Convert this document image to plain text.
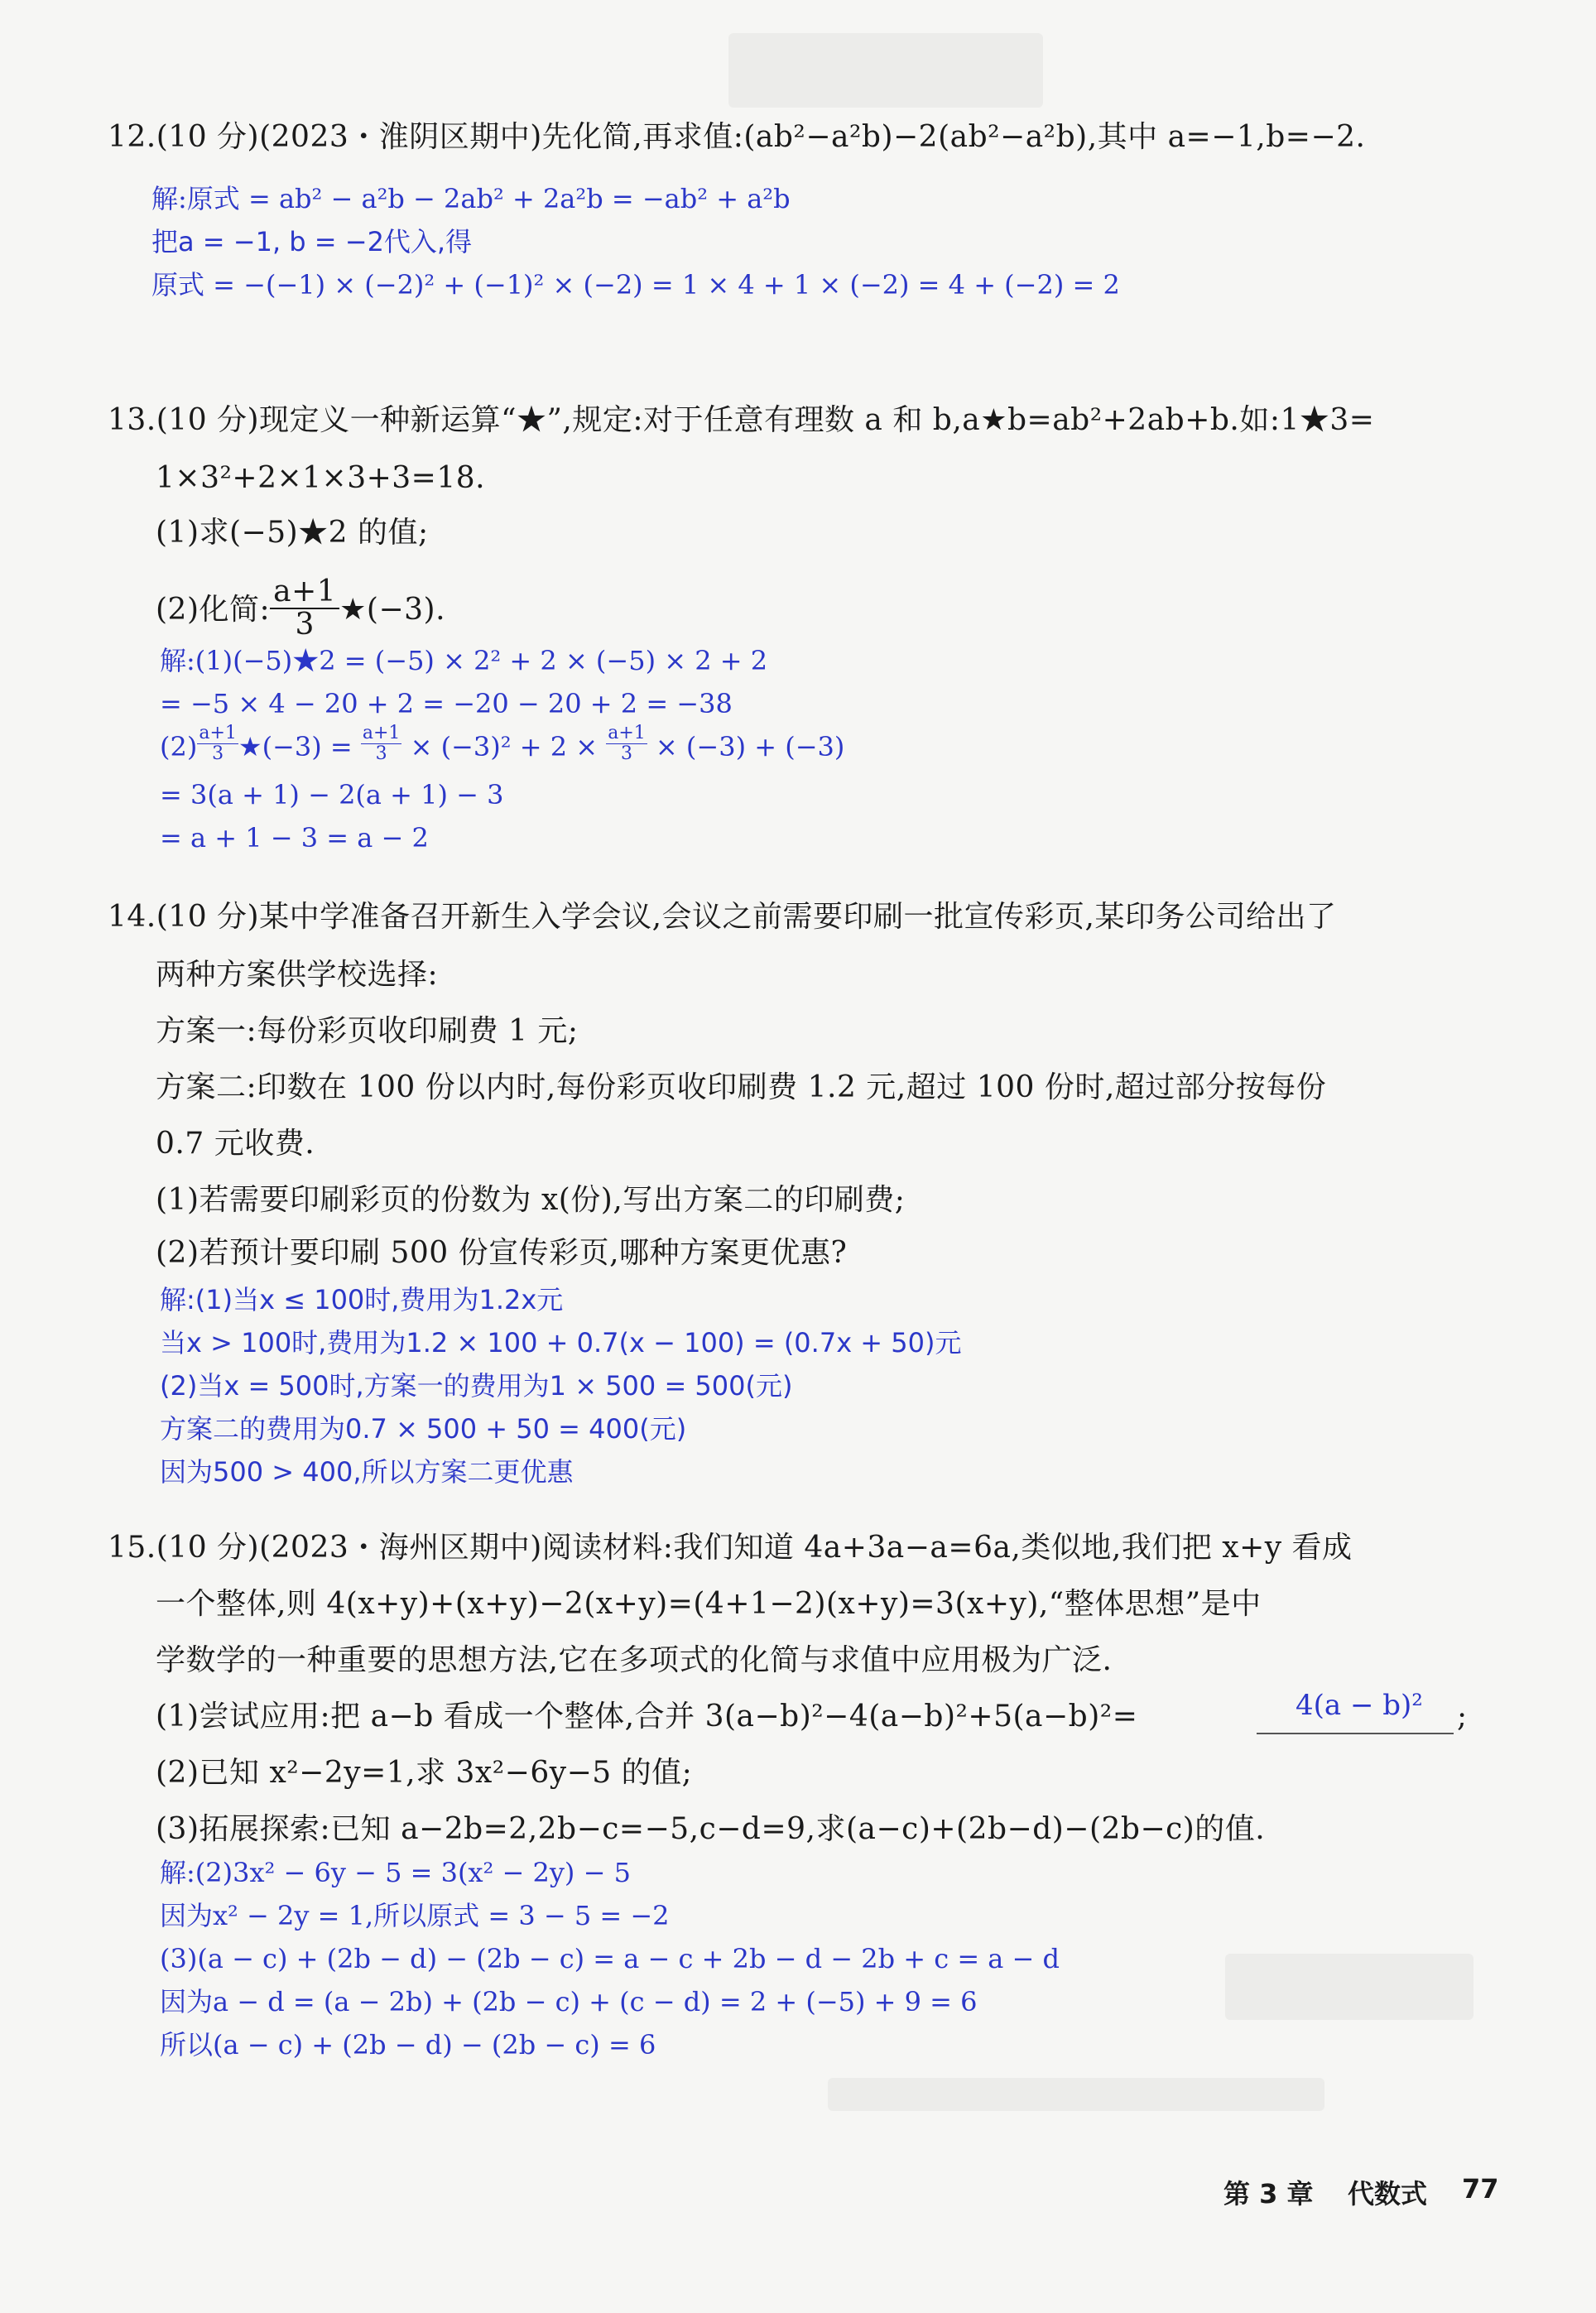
12.(10 分)(2023・淮阴区期中)先化简,再求值:(ab²−a²b)−2(ab²−a²b),其中 a=−1,b=−2.
解:原式 = ab² − a²b − 2ab² + 2a²b = −ab² + a²b
把a = −1, b = −2代入,得
原式 = −(−1) × (−2)² + (−1)² × (−2) = 1 × 4 + 1 × (−2) = 4 + (−2) = 2
13.(10 分)现定义一种新运算“★”,规定:对于任意有理数 a 和 b,a★b=ab²+2ab+b.如:1★3=
1×3²+2×1×3+3=18.
(1)求(−5)★2 的值;
(2)化简: $\frac{a+1}{3}$ ★(−3).
解:(1)(−5)★2 = (−5) × 2² + 2 × (−5) × 2 + 2
= −5 × 4 − 20 + 2 = −20 − 20 + 2 = −38
$(2) \frac{a+1}{3}$ ★(−3) = $\frac{a+1}{3} \times (-3)^2 + 2 \times \frac{a+1}{3} \times (-3) + (-3)$
= 3(a + 1) − 2(a + 1) − 3
= a + 1 − 3 = a − 2
14.(10 分)某中学准备召开新生入学会议,会议之前需要印刷一批宣传彩页,某印务公司给出了
两种方案供学校选择:
方案一:每份彩页收印刷费 1 元;
方案二:印数在 100 份以内时,每份彩页收印刷费 1.2 元,超过 100 份时,超过部分按每份
0.7 元收费.
(1)若需要印刷彩页的份数为 x(份),写出方案二的印刷费;
(2)若预计要印刷 500 份宣传彩页,哪种方案更优惠?
解:(1)当x ≤ 100时,费用为1.2x元
当x > 100时,费用为1.2 × 100 + 0.7(x − 100) = (0.7x + 50)元
(2)当x = 500时,方案一的费用为1 × 500 = 500(元)
方案二的费用为0.7 × 500 + 50 = 400(元)
因为500 > 400,所以方案二更优惠
15.(10 分)(2023・海州区期中)阅读材料:我们知道 4a+3a−a=6a,类似地,我们把 x+y 看成
一个整体,则 4(x+y)+(x+y)−2(x+y)=(4+1−2)(x+y)=3(x+y),“整体思想”是中
学数学的一种重要的思想方法,它在多项式的化简与求值中应用极为广泛.
(1)尝试应用:把 a−b 看成一个整体,合并 3(a−b)²−4(a−b)²+5(a−b)²=	4(a − b)² ;
(2)已知 x²−2y=1,求 3x²−6y−5 的值;
(3)拓展探索:已知 a−2b=2,2b−c=−5,c−d=9,求(a−c)+(2b−d)−(2b−c)的值.
解:(2)3x² − 6y − 5 = 3(x² − 2y) − 5
因为x² − 2y = 1,所以原式 = 3 − 5 = −2
(3)(a − c) + (2b − d) − (2b − c) = a − c + 2b − d − 2b + c = a − d
因为a − d = (a − 2b) + (2b − c) + (c − d) = 2 + (−5) + 9 = 6
所以(a − c) + (2b − d) − (2b − c) = 6
第 3 章 代数式 77
